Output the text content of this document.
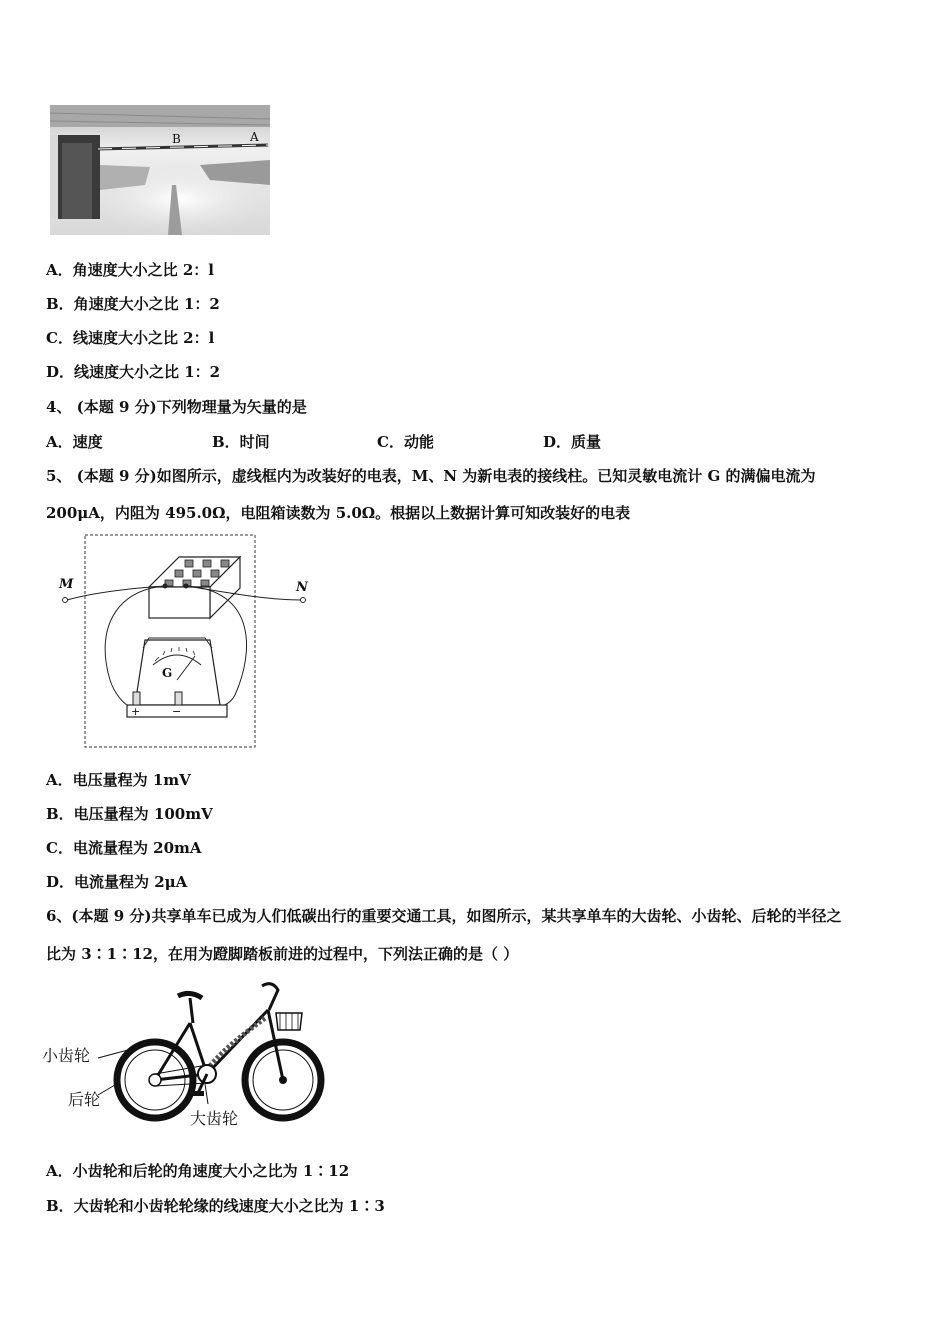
B	A
A．角速度大小之比 2：l
B．角速度大小之比 1：2
C．线速度大小之比 2：l
D．线速度大小之比 1：2
4、 (本题 9 分)下列物理量为矢量的是
A．速度	B．时间	C．动能	D．质量
5、 (本题 9 分)如图所示，虚线框内为改装好的电表，M、N 为新电表的接线柱。已知灵敏电流计 G 的满偏电流为
200μA，内阻为 495.0Ω，电阻箱读数为 5.0Ω。根据以上数据计算可知改装好的电表
M	N
G
+	−
A．电压量程为 1mV
B．电压量程为 100mV
C．电流量程为 20mA
D．电流量程为 2μA
6、(本题 9 分)共享单车已成为人们低碳出行的重要交通工具，如图所示，某共享单车的大齿轮、小齿轮、后轮的半径之
比为 3∶1∶12，在用为蹬脚踏板前进的过程中，下列法正确的是（ ）
小齿轮
后轮
大齿轮
A．小齿轮和后轮的角速度大小之比为 1∶12
B．大齿轮和小齿轮轮缘的线速度大小之比为 1∶3
